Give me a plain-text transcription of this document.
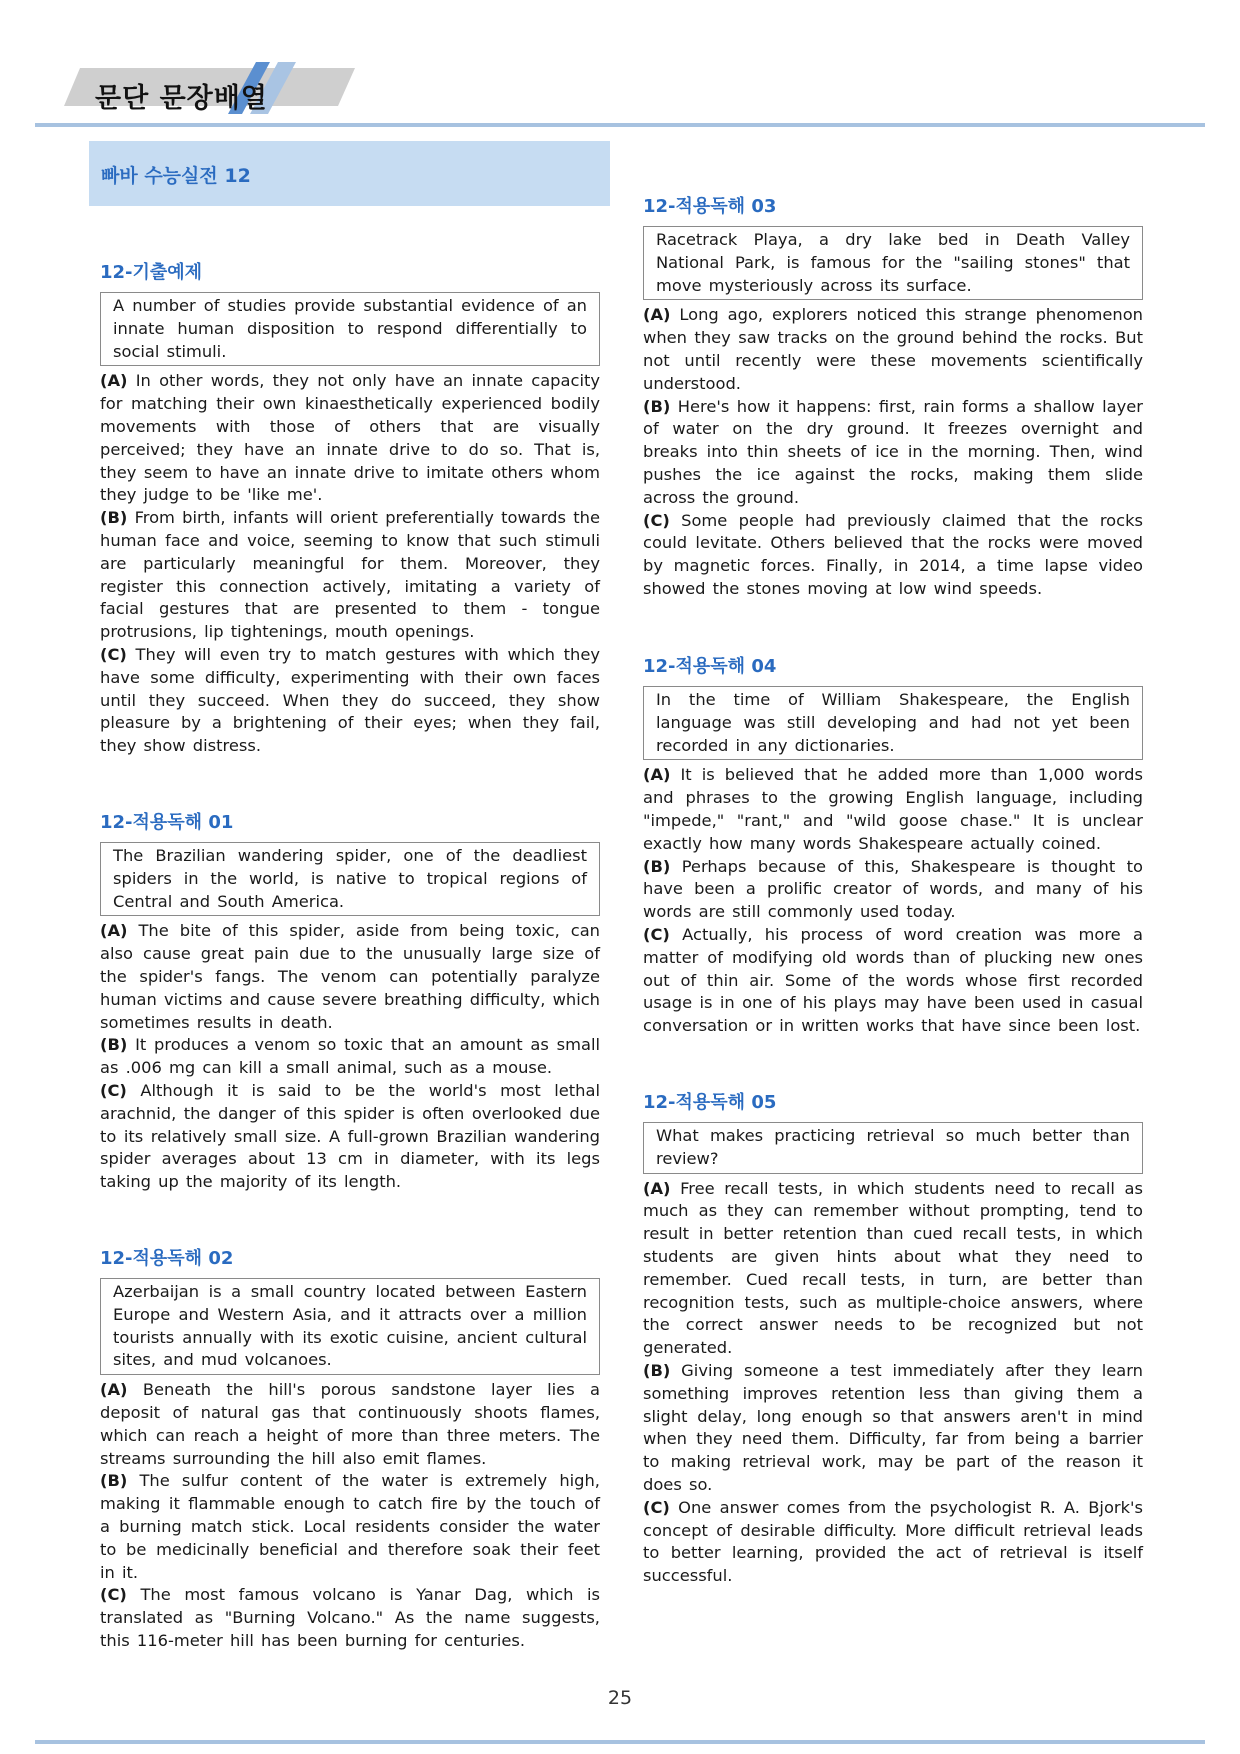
문단 문장배열
빠바 수능실전 12
12-기출예제
A number of studies provide substantial evidence of an innate human disposition to respond differentially to social stimuli.

(A) In other words, they not only have an innate capacity for matching their own kinaesthetically experienced bodily movements with those of others that are visually perceived; they have an innate drive to do so. That is, they seem to have an innate drive to imitate others whom they judge to be 'like me'.

(B) From birth, infants will orient preferentially towards the human face and voice, seeming to know that such stimuli are particularly meaningful for them. Moreover, they register this connection actively, imitating a variety of facial gestures that are presented to them - tongue protrusions, lip tightenings, mouth openings.

(C) They will even try to match gestures with which they have some difficulty, experimenting with their own faces until they succeed. When they do succeed, they show pleasure by a brightening of their eyes; when they fail, they show distress.

12-적용독해 01
The Brazilian wandering spider, one of the deadliest spiders in the world, is native to tropical regions of Central and South America.

(A) The bite of this spider, aside from being toxic, can also cause great pain due to the unusually large size of the spider's fangs. The venom can potentially paralyze human victims and cause severe breathing difficulty, which sometimes results in death.

(B) It produces a venom so toxic that an amount as small as .006 mg can kill a small animal, such as a mouse.

(C) Although it is said to be the world's most lethal arachnid, the danger of this spider is often overlooked due to its relatively small size. A full-grown Brazilian wandering spider averages about 13 cm in diameter, with its legs taking up the majority of its length.

12-적용독해 02
Azerbaijan is a small country located between Eastern Europe and Western Asia, and it attracts over a million tourists annually with its exotic cuisine, ancient cultural sites, and mud volcanoes.

(A) Beneath the hill's porous sandstone layer lies a deposit of natural gas that continuously shoots flames, which can reach a height of more than three meters. The streams surrounding the hill also emit flames.

(B) The sulfur content of the water is extremely high, making it flammable enough to catch fire by the touch of a burning match stick. Local residents consider the water to be medicinally beneficial and therefore soak their feet in it.

(C) The most famous volcano is Yanar Dag, which is translated as "Burning Volcano." As the name suggests, this 116-meter hill has been burning for centuries.

12-적용독해 03
Racetrack Playa, a dry lake bed in Death Valley National Park, is famous for the "sailing stones" that move mysteriously across its surface.

(A) Long ago, explorers noticed this strange phenomenon when they saw tracks on the ground behind the rocks. But not until recently were these movements scientifically understood.

(B) Here's how it happens: first, rain forms a shallow layer of water on the dry ground. It freezes overnight and breaks into thin sheets of ice in the morning. Then, wind pushes the ice against the rocks, making them slide across the ground.

(C) Some people had previously claimed that the rocks could levitate. Others believed that the rocks were moved by magnetic forces. Finally, in 2014, a time lapse video showed the stones moving at low wind speeds.

12-적용독해 04
In the time of William Shakespeare, the English language was still developing and had not yet been recorded in any dictionaries.

(A) It is believed that he added more than 1,000 words and phrases to the growing English language, including "impede," "rant," and "wild goose chase." It is unclear exactly how many words Shakespeare actually coined.

(B) Perhaps because of this, Shakespeare is thought to have been a prolific creator of words, and many of his words are still commonly used today.

(C) Actually, his process of word creation was more a matter of modifying old words than of plucking new ones out of thin air. Some of the words whose first recorded usage is in one of his plays may have been used in casual conversation or in written works that have since been lost.

12-적용독해 05
What makes practicing retrieval so much better than review?

(A) Free recall tests, in which students need to recall as much as they can remember without prompting, tend to result in better retention than cued recall tests, in which students are given hints about what they need to remember. Cued recall tests, in turn, are better than recognition tests, such as multiple-choice answers, where the correct answer needs to be recognized but not generated.

(B) Giving someone a test immediately after they learn something improves retention less than giving them a slight delay, long enough so that answers aren't in mind when they need them. Difficulty, far from being a barrier to making retrieval work, may be part of the reason it does so.

(C) One answer comes from the psychologist R. A. Bjork's concept of desirable difficulty. More difficult retrieval leads to better learning, provided the act of retrieval is itself successful.

25
